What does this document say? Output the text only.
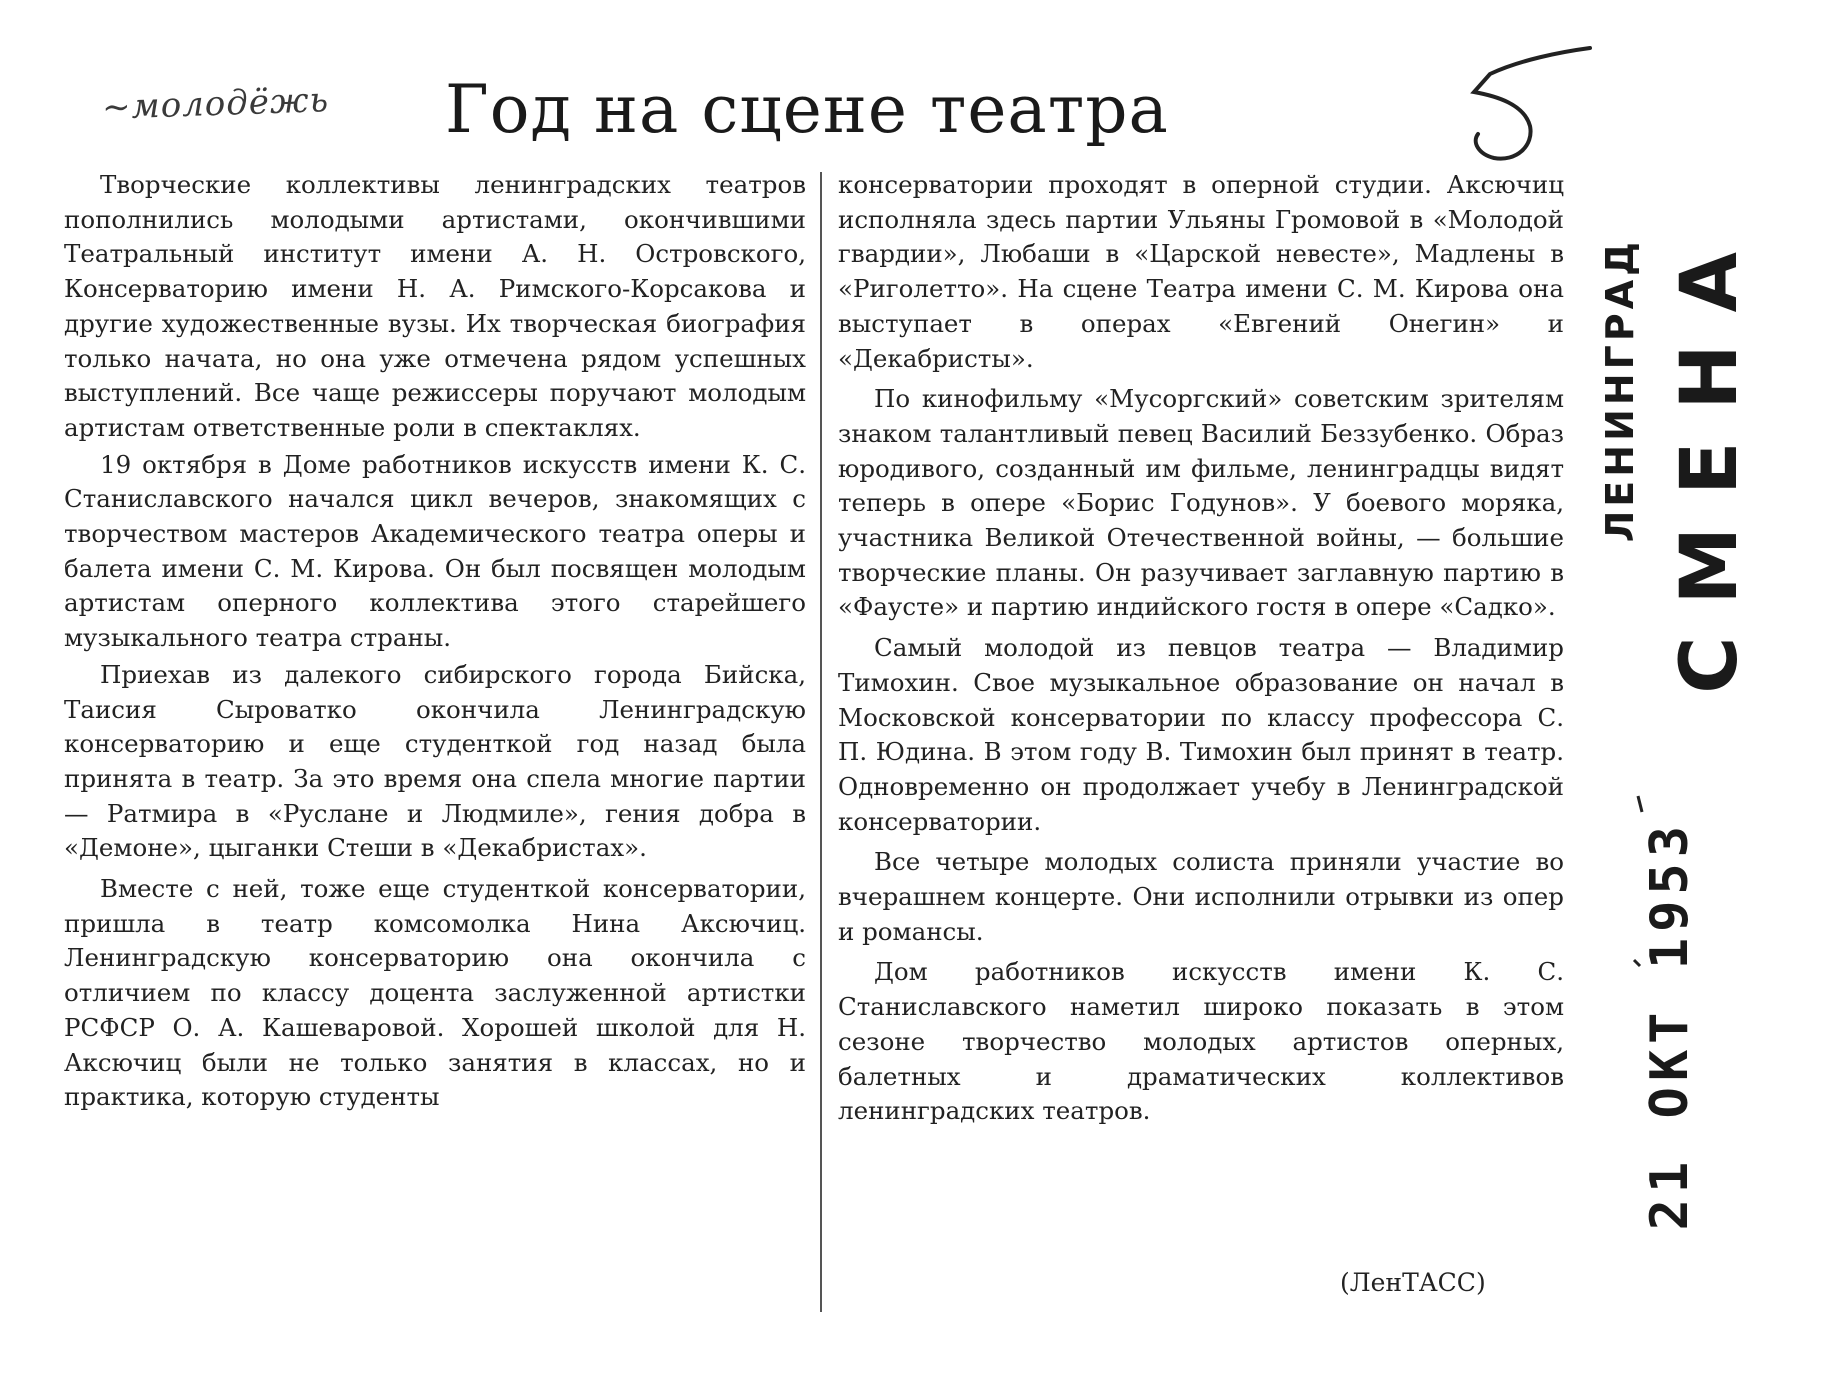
~молодёжь Год на сцене театра

Творческие коллективы ленинградских театров пополнились молодыми артистами, окончившими Театральный институт имени А. Н. Островского, Консерваторию имени Н. А. Римского-Корсакова и другие художественные вузы. Их творческая биография только начата, но она уже отмечена рядом успешных выступлений. Все чаще режиссеры поручают молодым артистам ответственные роли в спектаклях.

19 октября в Доме работников искусств имени К. С. Станиславского начался цикл вечеров, знакомящих с творчеством мастеров Академического театра оперы и балета имени С. М. Кирова. Он был посвящен молодым артистам оперного коллектива этого старейшего музыкального театра страны.

Приехав из далекого сибирского города Бийска, Таисия Сыроватко окончила Ленинградскую консерваторию и еще студенткой год назад была принята в театр. За это время она спела многие партии — Ратмира в «Руслане и Людмиле», гения добра в «Демоне», цыганки Стеши в «Декабристах».

Вместе с ней, тоже еще студенткой консерватории, пришла в театр комсомолка Нина Аксючиц. Ленинградскую консерваторию она окончила с отличием по классу доцента заслуженной артистки РСФСР О. А. Кашеваровой. Хорошей школой для Н. Аксючиц были не только занятия в классах, но и практика, которую студенты

консерватории проходят в оперной студии. Аксючиц исполняла здесь партии Ульяны Громовой в «Молодой гвардии», Любаши в «Царской невесте», Мадлены в «Риголетто». На сцене Театра имени С. М. Кирова она выступает в операх «Евгений Онегин» и «Декабристы».

По кинофильму «Мусоргский» советским зрителям знаком талантливый певец Василий Беззубенко. Образ юродивого, созданный им фильме, ленинградцы видят теперь в опере «Борис Годунов». У боевого моряка, участника Великой Отечественной войны, — большие творческие планы. Он разучивает заглавную партию в «Фаусте» и партию индийского гостя в опере «Садко».

Самый молодой из певцов театра — Владимир Тимохин. Свое музыкальное образование он начал в Московской консерватории по классу профессора С. П. Юдина. В этом году В. Тимохин был принят в театр. Одновременно он продолжает учебу в Ленинградской консерватории.

Все четыре молодых солиста приняли участие во вчерашнем концерте. Они исполнили отрывки из опер и романсы.

Дом работников искусств имени К. С. Станиславского наметил широко показать в этом сезоне творчество молодых артистов оперных, балетных и драматических коллективов ленинградских театров.

(ЛенТАСС)
СМЕНА
ЛЕНИНГРАД
21 ОКТ 1953
